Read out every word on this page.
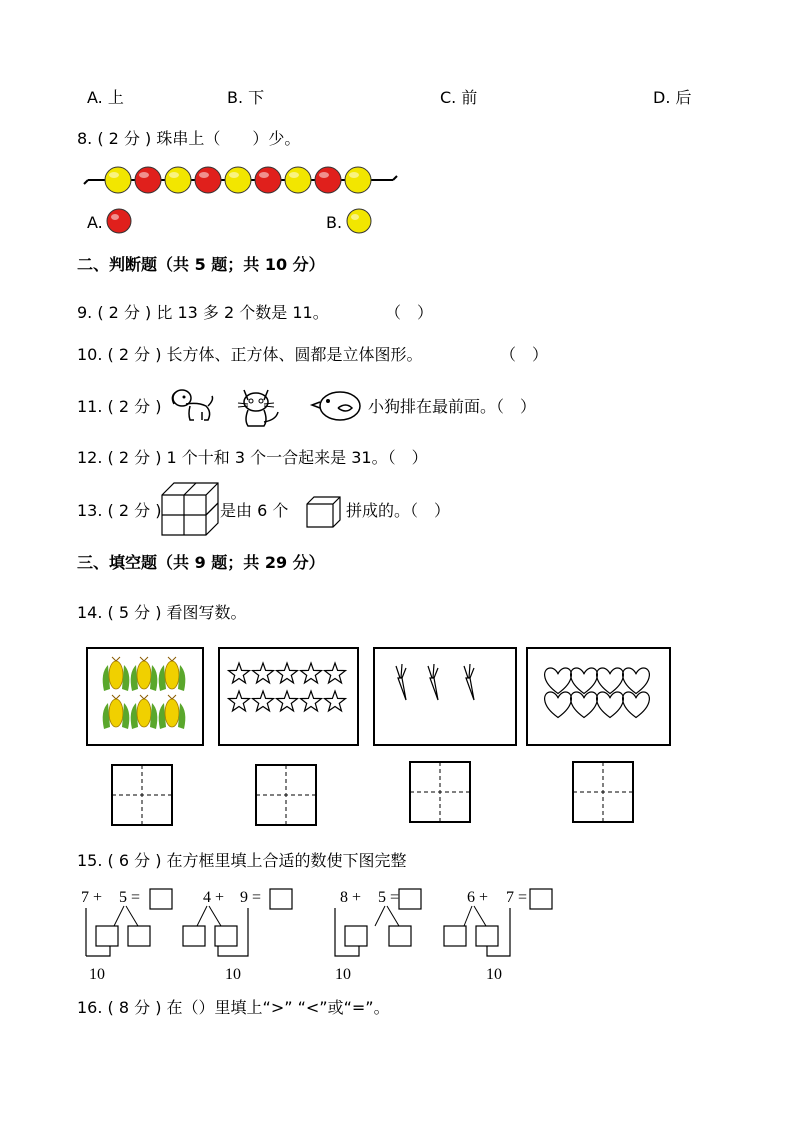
A. 上	B. 下	C. 前	D. 后
8. ( 2 分 ) 珠串上（　　）少。
A.	B.
二、判断题（共 5 题；共 10 分）
9. ( 2 分 ) 比 13 多 2 个数是 11。	（　）
10. ( 2 分 ) 长方体、正方体、圆都是立体图形。	（　）
11. ( 2 分 )	小狗排在最前面。（　）
12. ( 2 分 ) 1 个十和 3 个一合起来是 31。（　）
13. ( 2 分 )	是由 6 个	拼成的。（　）
三、填空题（共 9 题；共 29 分）
14. ( 5 分 ) 看图写数。
15. ( 6 分 ) 在方框里填上合适的数使下图完整
7 + 5 =
10
4 + 9 =
10
8 + 5 =
10
6 + 7 =
10
16. ( 8 分 ) 在（）里填上“>” “<”或“=”。
